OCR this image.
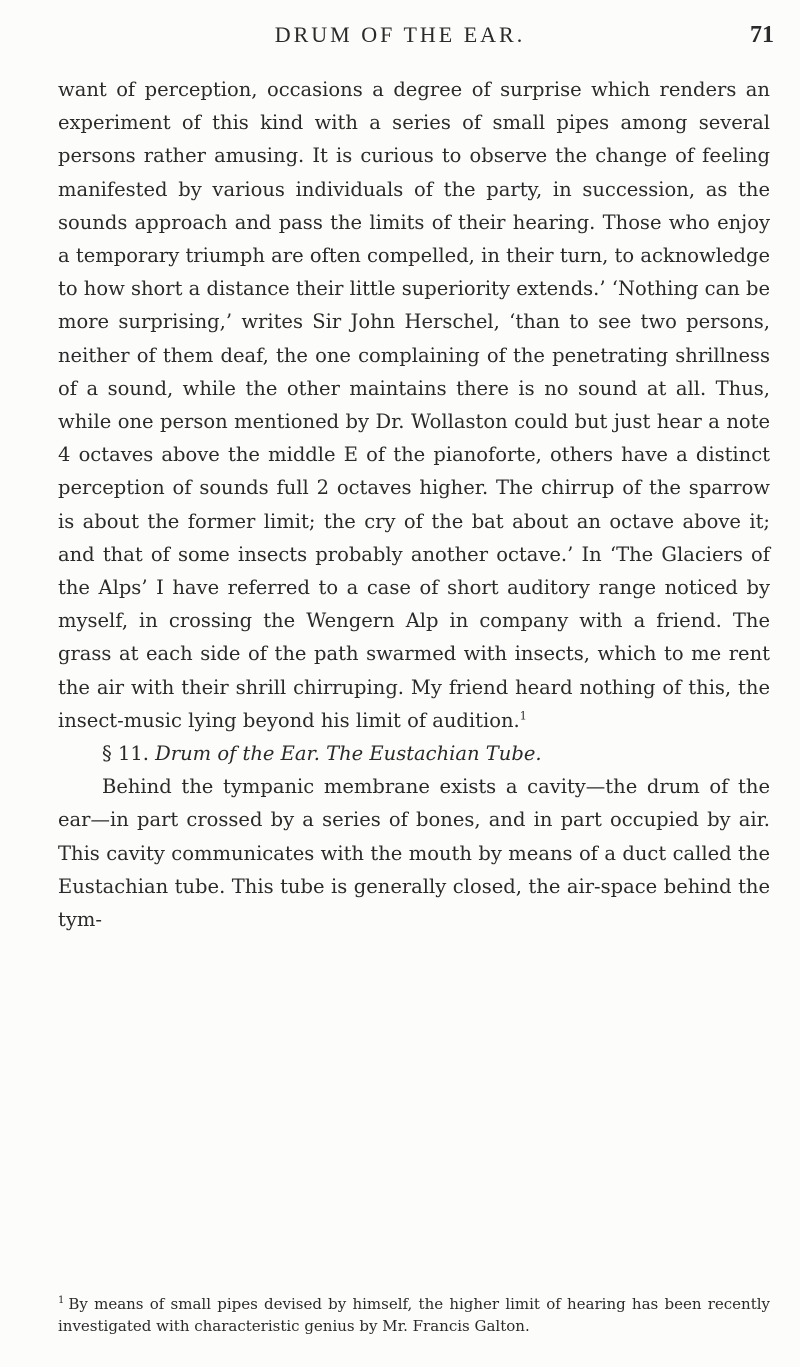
DRUM OF THE EAR.	71

want of perception, occasions a degree of surprise which renders an experiment of this kind with a series of small pipes among several persons rather amusing. It is curious to observe the change of feeling manifested by various individuals of the party, in succession, as the sounds approach and pass the limits of their hearing. Those who enjoy a temporary triumph are often compelled, in their turn, to acknowledge to how short a distance their little superiority extends.’ ‘Nothing can be more surprising,’ writes Sir John Herschel, ‘than to see two persons, neither of them deaf, the one complaining of the penetrating shrillness of a sound, while the other maintains there is no sound at all. Thus, while one person mentioned by Dr. Wollaston could but just hear a note 4 octaves above the middle E of the pianoforte, others have a distinct perception of sounds full 2 octaves higher. The chirrup of the sparrow is about the former limit; the cry of the bat about an octave above it; and that of some insects probably another octave.’ In ‘The Glaciers of the Alps’ I have referred to a case of short auditory range noticed by myself, in crossing the Wengern Alp in company with a friend. The grass at each side of the path swarmed with insects, which to me rent the air with their shrill chirruping. My friend heard nothing of this, the insect-music lying beyond his limit of audition.$^1$

§ 11. Drum of the Ear. The Eustachian Tube.

Behind the tympanic membrane exists a cavity—the drum of the ear—in part crossed by a series of bones, and in part occupied by air. This cavity communicates with the mouth by means of a duct called the Eustachian tube. This tube is generally closed, the air-space behind the tym-

$^1$ By means of small pipes devised by himself, the higher limit of hearing has been recently investigated with characteristic genius by Mr. Francis Galton.
